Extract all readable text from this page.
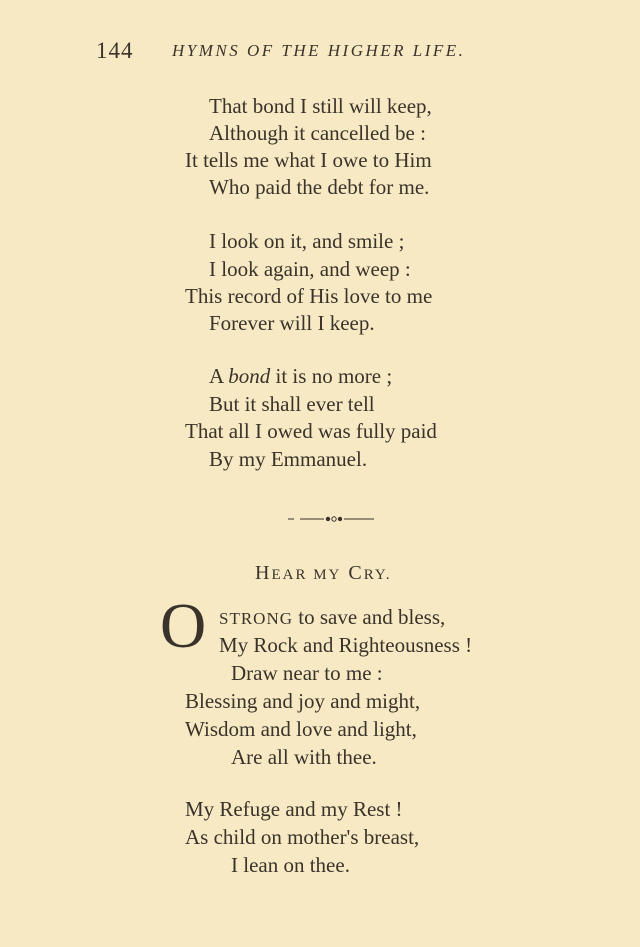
144 HYMNS OF THE HIGHER LIFE.
That bond I still will keep,
Although it cancelled be :
It tells me what I owe to Him
Who paid the debt for me.
I look on it, and smile ;
I look again, and weep :
This record of His love to me
Forever will I keep.
A bond it is no more ;
But it shall ever tell
That all I owed was fully paid
By my Emmanuel.
HEAR MY CRY.
O STRONG to save and bless,
My Rock and Righteousness !
Draw near to me :
Blessing and joy and might,
Wisdom and love and light,
Are all with thee.
My Refuge and my Rest !
As child on mother's breast,
I lean on thee.
